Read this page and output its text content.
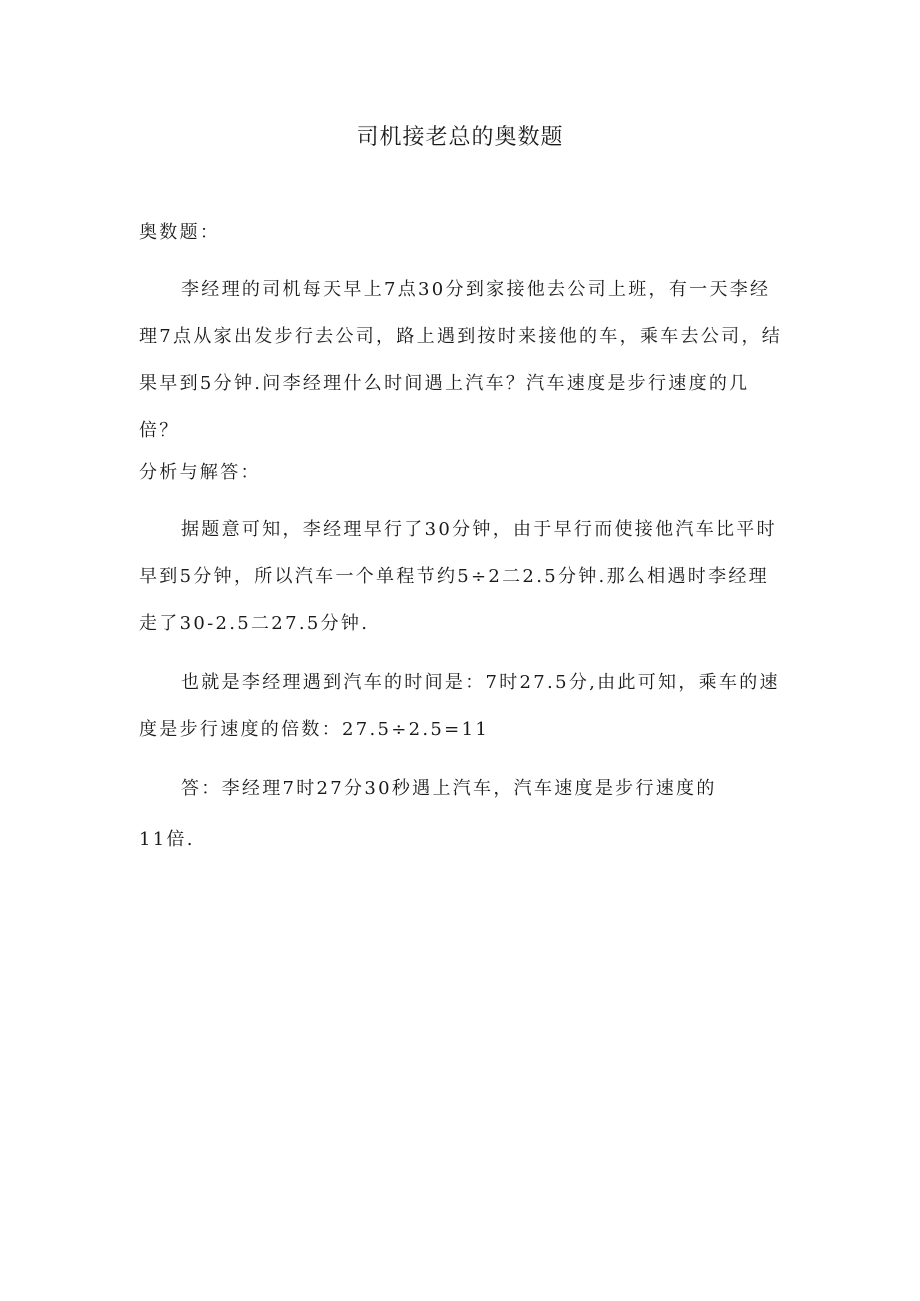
司机接老总的奥数题

奥数题：

李经理的司机每天早上7点30分到家接他去公司上班，有一天李经理7点从家出发步行去公司，路上遇到按时来接他的车，乘车去公司，结果早到5分钟.问李经理什么时间遇上汽车？汽车速度是步行速度的几倍？

分析与解答：

据题意可知，李经理早行了30分钟，由于早行而使接他汽车比平时早到5分钟，所以汽车一个单程节约5÷2二2.5分钟.那么相遇时李经理走了30-2.5二27.5分钟.

也就是李经理遇到汽车的时间是：7时27.5分,由此可知，乘车的速度是步行速度的倍数：27.5÷2.5=11

答：李经理7时27分30秒遇上汽车，汽车速度是步行速度的

11倍.
